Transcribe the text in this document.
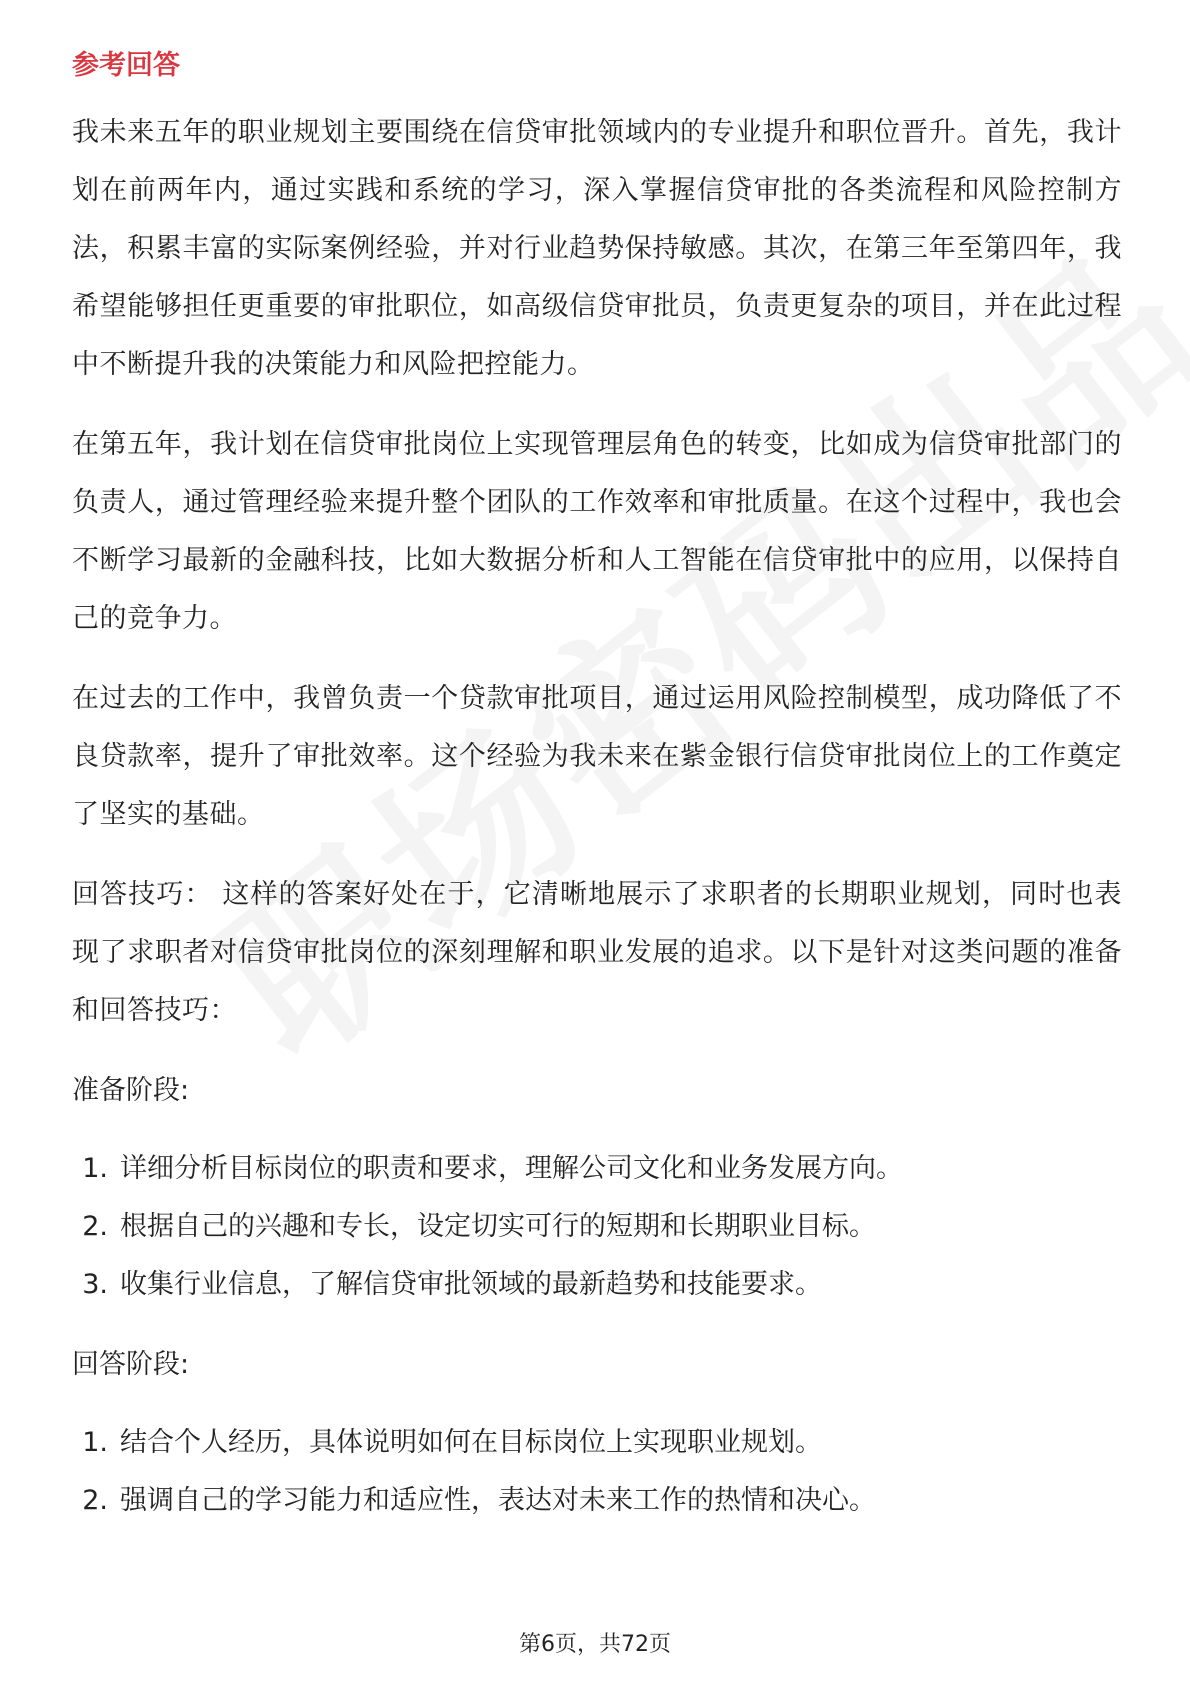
参考回答

我未来五年的职业规划主要围绕在信贷审批领域内的专业提升和职位晋升。首先，我计划在前两年内，通过实践和系统的学习，深入掌握信贷审批的各类流程和风险控制方法，积累丰富的实际案例经验，并对行业趋势保持敏感。其次，在第三年至第四年，我希望能够担任更重要的审批职位，如高级信贷审批员，负责更复杂的项目，并在此过程中不断提升我的决策能力和风险把控能力。

在第五年，我计划在信贷审批岗位上实现管理层角色的转变，比如成为信贷审批部门的负责人，通过管理经验来提升整个团队的工作效率和审批质量。在这个过程中，我也会不断学习最新的金融科技，比如大数据分析和人工智能在信贷审批中的应用，以保持自己的竞争力。

在过去的工作中，我曾负责一个贷款审批项目，通过运用风险控制模型，成功降低了不良贷款率，提升了审批效率。这个经验为我未来在紫金银行信贷审批岗位上的工作奠定了坚实的基础。

回答技巧： 这样的答案好处在于，它清晰地展示了求职者的长期职业规划，同时也表现了求职者对信贷审批岗位的深刻理解和职业发展的追求。以下是针对这类问题的准备和回答技巧：

准备阶段:
1. 详细分析目标岗位的职责和要求，理解公司文化和业务发展方向。
2. 根据自己的兴趣和专长，设定切实可行的短期和长期职业目标。
3. 收集行业信息，了解信贷审批领域的最新趋势和技能要求。
回答阶段:
1. 结合个人经历，具体说明如何在目标岗位上实现职业规划。
2. 强调自己的学习能力和适应性，表达对未来工作的热情和决心。
第6页，共72页
